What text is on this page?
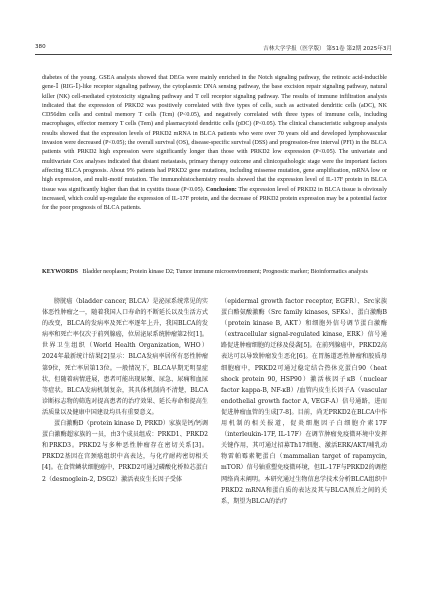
380	吉林大学学报（医学版） 第51卷 第2期 2025年3月

diabetes of the young. GSEA analysis showed that DEGs were mainly enriched in the Notch signaling pathway, the retinoic acid-inducible gene-Ⅰ (RIG-Ⅰ)-like receptor signaling pathway, the cytoplasmic DNA sensing pathway, the base excision repair signaling pathway, natural killer (NK) cell-mediated cytotoxicity signaling pathway and T cell receptor signaling pathway. The results of immune infiltration analysis indicated that the expression of PRKD2 was positively correlated with five types of cells, such as activated dendritic cells (aDC), NK CD56dim cells and central memory T cells (Tcm) (P<0.05), and negatively correlated with three types of immune cells, including macrophages, effector memory T cells (Tem) and plasmacytoid dendritic cells (pDC) (P<0.05). The clinical characteristic subgroup analysis results showed that the expression levels of PRKD2 mRNA in BLCA patients who were over 70 years old and developed lymphovascular invasion were decreased (P<0.05); the overall survival (OS), disease-specific survival (DSS) and progression-free interval (PFI) in the BLCA patients with PRKD2 high expression were significantly longer than those with PRKD2 low expression (P<0.05). The univariate and multivariate Cox analyses indicated that distant metastasis, primary therapy outcome and clinicopathologic stage were the important factors affecting BLCA prognosis. About 9% patients had PRKD2 gene mutations, including missense mutation, gene amplification, mRNA low or high expression, and multi-motif mutation. The immunohistochemistry results showed that the expression level of IL-17F protein in BLCA tissue was significantly higher than that in cystitis tissue (P<0.05). Conclusion: The expression level of PRKD2 in BLCA tissue is obviously increased, which could up-regulate the expression of IL-17F protein, and the decrease of PRKD2 protein expression may be a potential factor for the poor prognosis of BLCA patients.

KEYWORDS Bladder neoplasm; Protein kinase D2; Tumor immune microenvironment; Prognostic marker; Bioinformatics analysis

膀胱癌（bladder cancer, BLCA）是泌尿系统常见的实体恶性肿瘤之一，随着我国人口寿命的不断延长以及生活方式的改变，BLCA的发病率及死亡率逐年上升，我国BLCA的发病率和死亡率仅次于前列腺癌，位居泌尿系统肿瘤第2位[1]。世界卫生组织（World Health Organization, WHO）2024年最新统计结果[2]显示：BLCA发病率居所有恶性肿瘤第9位，死亡率居第13位。一般情况下，BLCA早期无明显症状，但随着病情进展，患者可能出现尿频、尿急、尿痛和血尿等症状。BLCA发病机制复杂，其具体机制尚不清楚，BLCA诊断标志物的筛选对提高患者的治疗效果、延长寿命和提高生活质量以及健康中国建设均具有重要意义。

蛋白激酶D（protein kinase D, PRKD）家族是钙/钙调蛋白激酶超家族的一员，由3个成员组成：PRKD1、PRKD2和PRKD3。PRKD2与多种恶性肿瘤存在密切关系[3]。PRKD2基因在宫颈癌组织中高表达，与化疗耐药密切相关[4]。在食管鳞状细胞癌中，PRKD2可通过磷酸化桥粒芯蛋白2（desmoglein-2, DSG2）激活表皮生长因子受体

（epidermal growth factor receptor, EGFR）、Src家族蛋白酪氨酸激酶（Src family kinases, SFKs）、蛋白激酶B（protein kinase B, AKT）和细胞外信号调节蛋白激酶（extracellular signal-regulated kinase, ERK）信号通路促进肿瘤细胞的迁移及侵袭[5]。在前列腺癌中，PRKD2高表达可以导致肿瘤发生恶化[6]。在胃肠道恶性肿瘤和胶质母细胞瘤中，PRKD2可通过稳定结合热休克蛋白90（heat shock protein 90, HSP90）激活核因子κB（nuclear factor kappa-B, NF-κB）/血管内皮生长因子A（vascular endothelial growth factor A, VEGF-A）信号通路，进而促进肿瘤血管的生成[7-8]。目前，尚无PRKD2在BLCA中作用机制的相关报道，促炎细胞因子白细胞介素17F（interleukin-17F, IL-17F）在调节肿瘤免疫微环境中发挥关键作用，其可通过招募Th17细胞、激活ERK/AKT/哺乳动物雷帕霉素靶蛋白（mammalian target of rapamycin, mTOR）信号轴重塑免疫微环境，但IL-17F与PRKD2的调控网络尚未阐明。本研究通过生物信息学技术分析BLCA组织中PRKD2 mRNA和蛋白质的表达及其与BLCA预后之间的关系，期望为BLCA的治疗
